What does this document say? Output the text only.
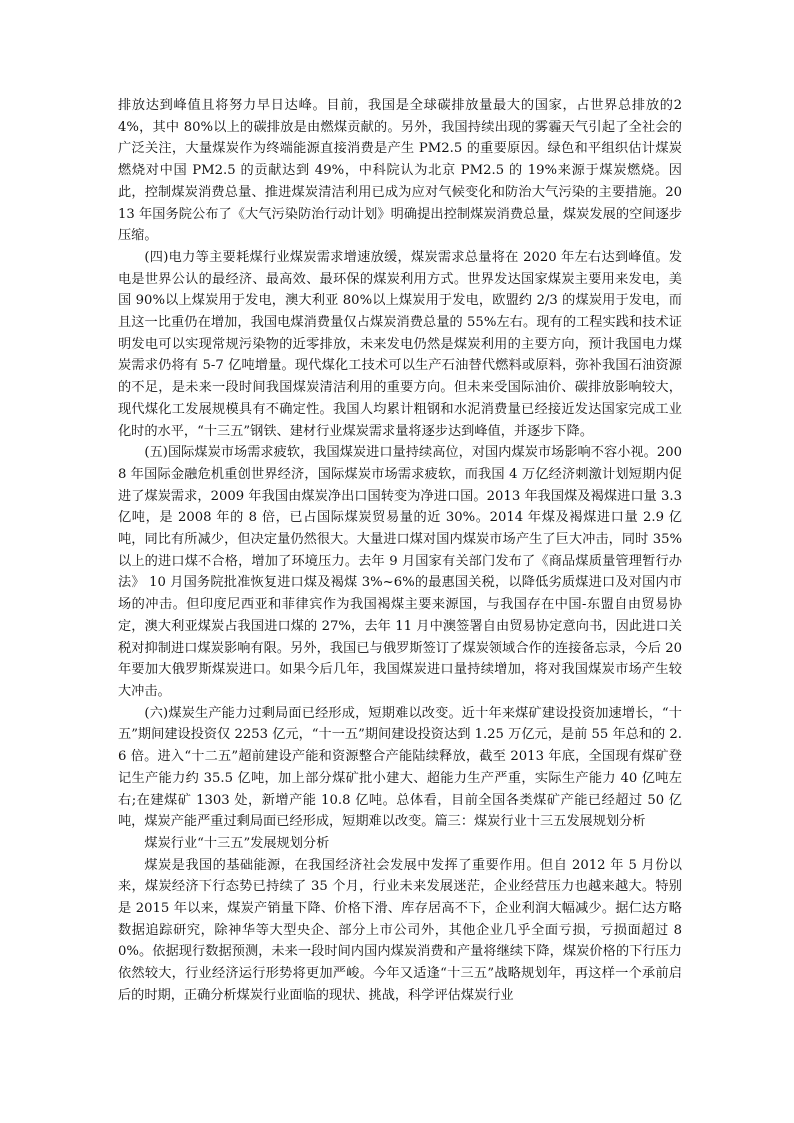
排放达到峰值且将努力早日达峰。目前，我国是全球碳排放量最大的国家，占世界总排放的24%，其中 80%以上的碳排放是由燃煤贡献的。另外，我国持续出现的雾霾天气引起了全社会的广泛关注，大量煤炭作为终端能源直接消费是产生 PM2.5 的重要原因。绿色和平组织估计煤炭燃烧对中国 PM2.5 的贡献达到 49%，中科院认为北京 PM2.5 的 19%来源于煤炭燃烧。因此，控制煤炭消费总量、推进煤炭清洁利用已成为应对气候变化和防治大气污染的主要措施。2013 年国务院公布了《大气污染防治行动计划》明确提出控制煤炭消费总量，煤炭发展的空间逐步压缩。

(四)电力等主要耗煤行业煤炭需求增速放缓，煤炭需求总量将在 2020 年左右达到峰值。发电是世界公认的最经济、最高效、最环保的煤炭利用方式。世界发达国家煤炭主要用来发电，美国 90%以上煤炭用于发电，澳大利亚 80%以上煤炭用于发电，欧盟约 2/3 的煤炭用于发电，而且这一比重仍在增加，我国电煤消费量仅占煤炭消费总量的 55%左右。现有的工程实践和技术证明发电可以实现常规污染物的近零排放，未来发电仍然是煤炭利用的主要方向，预计我国电力煤炭需求仍将有 5-7 亿吨增量。现代煤化工技术可以生产石油替代燃料或原料，弥补我国石油资源的不足，是未来一段时间我国煤炭清洁利用的重要方向。但未来受国际油价、碳排放影响较大，现代煤化工发展规模具有不确定性。我国人均累计粗钢和水泥消费量已经接近发达国家完成工业化时的水平，“十三五”钢铁、建材行业煤炭需求量将逐步达到峰值，并逐步下降。

(五)国际煤炭市场需求疲软，我国煤炭进口量持续高位，对国内煤炭市场影响不容小视。2008 年国际金融危机重创世界经济，国际煤炭市场需求疲软，而我国 4 万亿经济刺激计划短期内促进了煤炭需求，2009 年我国由煤炭净出口国转变为净进口国。2013 年我国煤及褐煤进口量 3.3 亿吨，是 2008 年的 8 倍，已占国际煤炭贸易量的近 30%。2014 年煤及褐煤进口量 2.9 亿吨，同比有所减少，但决定量仍然很大。大量进口煤对国内煤炭市场产生了巨大冲击，同时 35%以上的进口煤不合格，增加了环境压力。去年 9 月国家有关部门发布了《商品煤质量管理暂行办法》 10 月国务院批准恢复进口煤及褐煤 3%~6%的最惠国关税，以降低劣质煤进口及对国内市场的冲击。但印度尼西亚和菲律宾作为我国褐煤主要来源国，与我国存在中国-东盟自由贸易协定，澳大利亚煤炭占我国进口煤的 27%，去年 11 月中澳签署自由贸易协定意向书，因此进口关税对抑制进口煤炭影响有限。另外，我国已与俄罗斯签订了煤炭领域合作的连接备忘录，今后 20 年要加大俄罗斯煤炭进口。如果今后几年，我国煤炭进口量持续增加，将对我国煤炭市场产生较大冲击。

(六)煤炭生产能力过剩局面已经形成，短期难以改变。近十年来煤矿建设投资加速增长，“十五”期间建设投资仅 2253 亿元，“十一五”期间建设投资达到 1.25 万亿元，是前 55 年总和的 2.6 倍。进入“十二五”超前建设产能和资源整合产能陆续释放，截至 2013 年底，全国现有煤矿登记生产能力约 35.5 亿吨，加上部分煤矿批小建大、超能力生产严重，实际生产能力 40 亿吨左右;在建煤矿 1303 处，新增产能 10.8 亿吨。总体看，目前全国各类煤矿产能已经超过 50 亿吨，煤炭产能严重过剩局面已经形成，短期难以改变。篇三：煤炭行业十三五发展规划分析

煤炭行业“十三五”发展规划分析

煤炭是我国的基础能源，在我国经济社会发展中发挥了重要作用。但自 2012 年 5 月份以来，煤炭经济下行态势已持续了 35 个月，行业未来发展迷茫，企业经营压力也越来越大。特别是 2015 年以来，煤炭产销量下降、价格下滑、库存居高不下，企业利润大幅减少。据仁达方略数据追踪研究，除神华等大型央企、部分上市公司外，其他企业几乎全面亏损，亏损面超过 80%。依据现行数据预测，未来一段时间内国内煤炭消费和产量将继续下降，煤炭价格的下行压力依然较大，行业经济运行形势将更加严峻。今年又适逢“十三五”战略规划年，再这样一个承前启后的时期，正确分析煤炭行业面临的现状、挑战，科学评估煤炭行业
